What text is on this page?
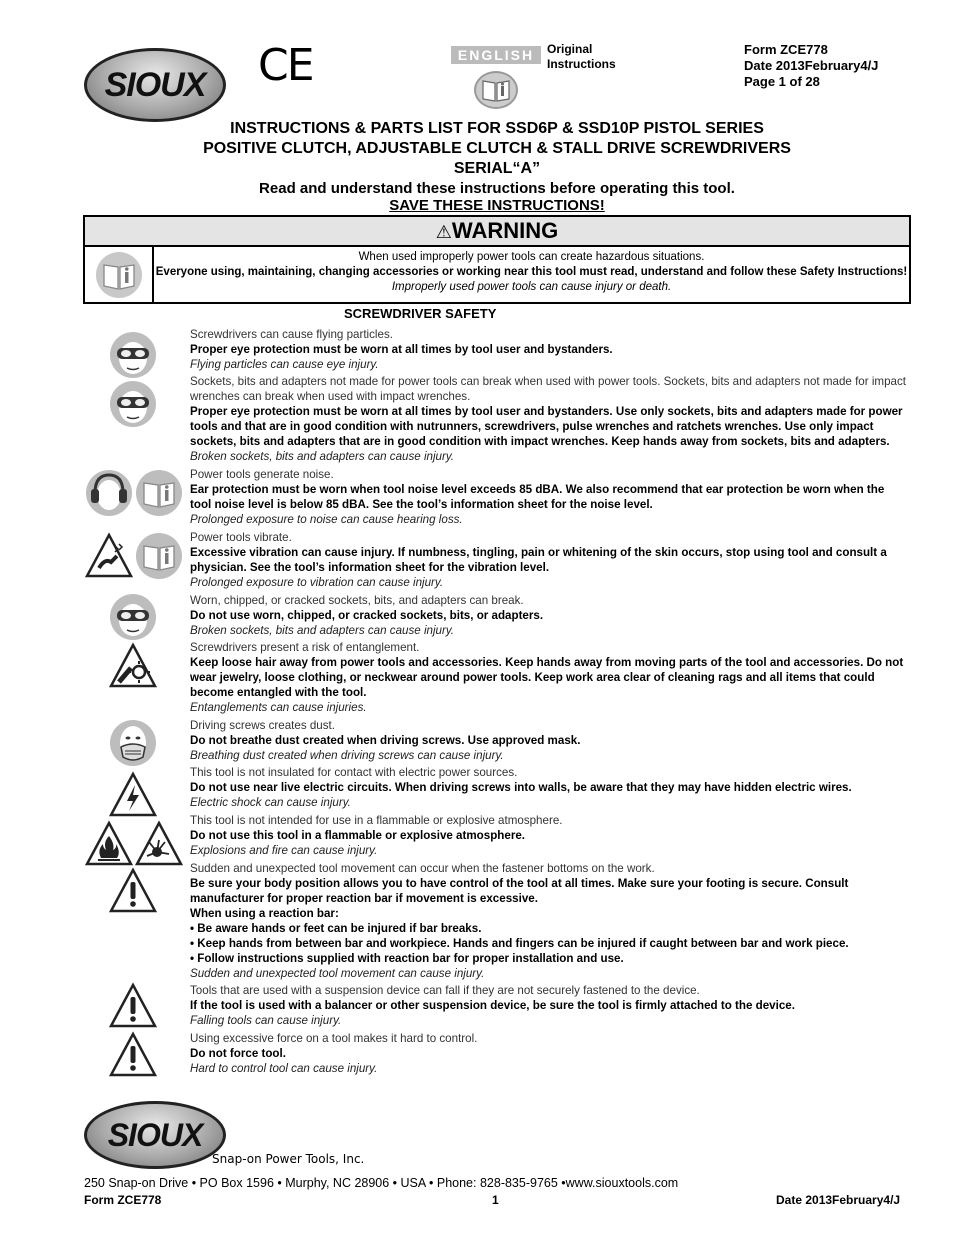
SIOUX CE	ENGLISH	Original
Instructions
Form ZCE778
Date 2013February4/J
Page 1 of 28
INSTRUCTIONS & PARTS LIST FOR SSD6P & SSD10P PISTOL SERIES
POSITIVE CLUTCH, ADJUSTABLE CLUTCH & STALL DRIVE SCREWDRIVERS
SERIAL“A”
Read and understand these instructions before operating this tool.
SAVE THESE INSTRUCTIONS!
⚠WARNING
When used improperly power tools can create hazardous situations.
Everyone using, maintaining, changing accessories or working near this tool must read, understand and follow these Safety Instructions!
Improperly used power tools can cause injury or death.
SCREWDRIVER SAFETY
Screwdrivers can cause flying particles.
Proper eye protection must be worn at all times by tool user and bystanders.
Flying particles can cause eye injury.
Sockets, bits and adapters not made for power tools can break when used with power tools. Sockets, bits and adapters not made for impact wrenches can break when used with impact wrenches.
Proper eye protection must be worn at all times by tool user and bystanders. Use only sockets, bits and adapters made for power tools and that are in good condition with nutrunners, screwdrivers, pulse wrenches and ratchets wrenches. Use only impact sockets, bits and adapters that are in good condition with impact wrenches. Keep hands away from sockets, bits and adapters.
Broken sockets, bits and adapters can cause injury.
Power tools generate noise.
Ear protection must be worn when tool noise level exceeds 85 dBA. We also recommend that ear protection be worn when the tool noise level is below 85 dBA. See the tool’s information sheet for the noise level.
Prolonged exposure to noise can cause hearing loss.
Power tools vibrate.
Excessive vibration can cause injury. If numbness, tingling, pain or whitening of the skin occurs, stop using tool and consult a physician. See the tool’s information sheet for the vibration level.
Prolonged exposure to vibration can cause injury.
Worn, chipped, or cracked sockets, bits, and adapters can break.
Do not use worn, chipped, or cracked sockets, bits, or adapters.
Broken sockets, bits and adapters can cause injury.
Screwdrivers present a risk of entanglement.
Keep loose hair away from power tools and accessories. Keep hands away from moving parts of the tool and accessories. Do not wear jewelry, loose clothing, or neckwear around power tools. Keep work area clear of cleaning rags and all items that could become entangled with the tool.
Entanglements can cause injuries.
Driving screws creates dust.
Do not breathe dust created when driving screws. Use approved mask.
Breathing dust created when driving screws can cause injury.
This tool is not insulated for contact with electric power sources.
Do not use near live electric circuits. When driving screws into walls, be aware that they may have hidden electric wires.
Electric shock can cause injury.
This tool is not intended for use in a flammable or explosive atmosphere.
Do not use this tool in a flammable or explosive atmosphere.
Explosions and fire can cause injury.
Sudden and unexpected tool movement can occur when the fastener bottoms on the work.
Be sure your body position allows you to have control of the tool at all times. Make sure your footing is secure. Consult manufacturer for proper reaction bar if movement is excessive.
When using a reaction bar:
• Be aware hands or feet can be injured if bar breaks.
• Keep hands from between bar and workpiece. Hands and fingers can be injured if caught between bar and work piece.
• Follow instructions supplied with reaction bar for proper installation and use.
Sudden and unexpected tool movement can cause injury.
Tools that are used with a suspension device can fall if they are not securely fastened to the device.
If the tool is used with a balancer or other suspension device, be sure the tool is firmly attached to the device.
Falling tools can cause injury.
Using excessive force on a tool makes it hard to control.
Do not force tool.
Hard to control tool can cause injury.
SIOUX
Snap-on Power Tools, Inc.
250 Snap-on Drive • PO Box 1596 • Murphy, NC 28906 • USA • Phone: 828-835-9765 •www.siouxtools.com
Form ZCE778	1	Date 2013February4/J
